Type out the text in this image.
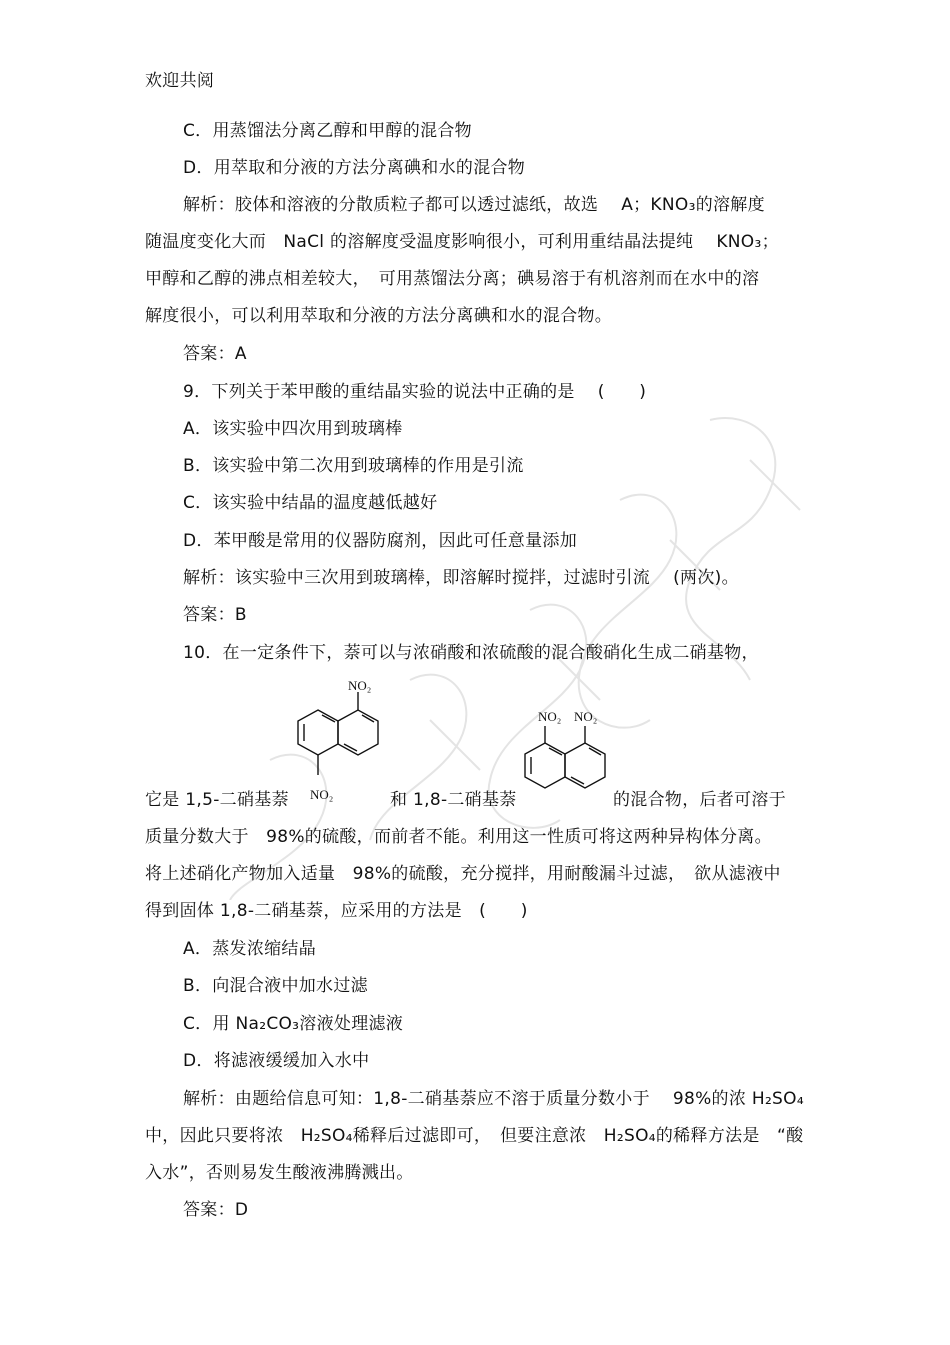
欢迎共阅
C．用蒸馏法分离乙醇和甲醇的混合物
D．用萃取和分液的方法分离碘和水的混合物
解析：胶体和溶液的分散质粒子都可以透过滤纸，故选　 A；KNO₃的溶解度
随温度变化大而　NaCl 的溶解度受温度影响很小，可利用重结晶法提纯　 KNO₃；
甲醇和乙醇的沸点相差较大，　可用蒸馏法分离；碘易溶于有机溶剂而在水中的溶
解度很小，可以利用萃取和分液的方法分离碘和水的混合物。
答案：A
9．下列关于苯甲酸的重结晶实验的说法中正确的是　 (　　)
A．该实验中四次用到玻璃棒
B．该实验中第二次用到玻璃棒的作用是引流
C．该实验中结晶的温度越低越好
D．苯甲酸是常用的仪器防腐剂，因此可任意量添加
解析：该实验中三次用到玻璃棒，即溶解时搅拌，过滤时引流　 (两次)。
答案：B
10．在一定条件下，萘可以与浓硝酸和浓硫酸的混合酸硝化生成二硝基物，
NO₂
NO₂
NO₂ NO₂
它是 1,5-二硝基萘	和 1,8-二硝基萘	的混合物，后者可溶于
质量分数大于　98%的硫酸，而前者不能。利用这一性质可将这两种异构体分离。
将上述硝化产物加入适量　98%的硫酸，充分搅拌，用耐酸漏斗过滤，　欲从滤液中
得到固体 1,8-二硝基萘，应采用的方法是　(　　)
A．蒸发浓缩结晶
B．向混合液中加水过滤
C．用 Na₂CO₃溶液处理滤液
D．将滤液缓缓加入水中
解析：由题给信息可知：1,8-二硝基萘应不溶于质量分数小于　 98%的浓 H₂SO₄
中，因此只要将浓　H₂SO₄稀释后过滤即可，　但要注意浓　H₂SO₄的稀释方法是　“酸
入水”，否则易发生酸液沸腾溅出。
答案：D
